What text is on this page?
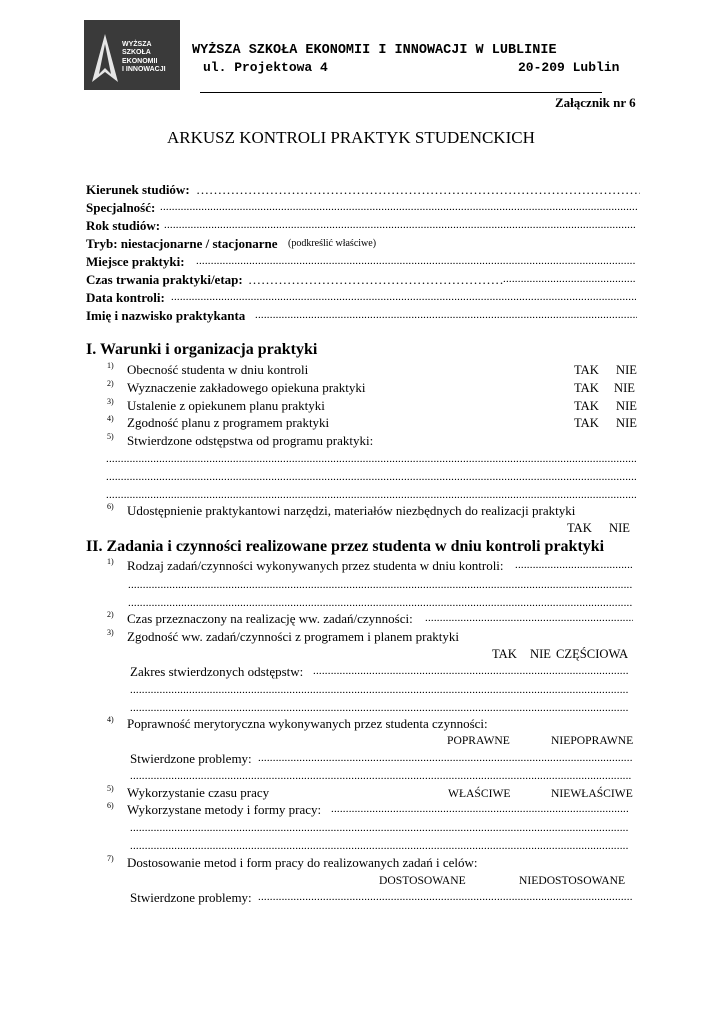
WYŻSZA
SZKOŁA
EKONOMII
I INNOWACJI
WYŻSZA SZKOŁA EKONOMII I INNOWACJI W LUBLINIE
ul. Projektowa 4	20-209 Lublin
Załącznik nr 6
ARKUSZ KONTROLI PRAKTYK STUDENCKICH
Kierunek studiów:
…………………………………………………………………………………………………………………………………………………………………
Specjalność:
.....
Rok studiów:
.....
Tryb: niestacjonarne / stacjonarne (podkreślić właściwe)
Miejsce praktyki:
.....
Czas trwania praktyki/etap:
…………………………………………………………………………………………………………………………………………………………………
.....
Data kontroli:
.....
Imię i nazwisko praktykanta
.....
I. Warunki i organizacja praktyki
1) Obecność studenta w dniu kontroli	TAK NIE
2) Wyznaczenie zakładowego opiekuna praktyki	TAK NIE
3) Ustalenie z opiekunem planu praktyki	TAK NIE
4) Zgodność planu z programem praktyki	TAK NIE
5) Stwierdzone odstępstwa od programu praktyki:
.....
.....
.....
6) Udostępnienie praktykantowi narzędzi, materiałów niezbędnych do realizacji praktyki
TAK NIE
II. Zadania i czynności realizowane przez studenta w dniu kontroli praktyki
1) Rodzaj zadań/czynności wykonywanych przez studenta w dniu kontroli:
.....
.....
.....
2) Czas przeznaczony na realizację ww. zadań/czynności:
.....
3) Zgodność ww. zadań/czynności z programem i planem praktyki
TAK NIE CZĘŚCIOWA
Zakres stwierdzonych odstępstw:
.....
.....
.....
4) Poprawność merytoryczna wykonywanych przez studenta czynności:
POPRAWNE	NIEPOPRAWNE
Stwierdzone problemy:
.....
.....
5) Wykorzystanie czasu pracy	WŁAŚCIWE	NIEWŁAŚCIWE
6) Wykorzystane metody i formy pracy:
.....
.....
.....
7) Dostosowanie metod i form pracy do realizowanych zadań i celów:
DOSTOSOWANE	NIEDOSTOSOWANE
Stwierdzone problemy:
.....
